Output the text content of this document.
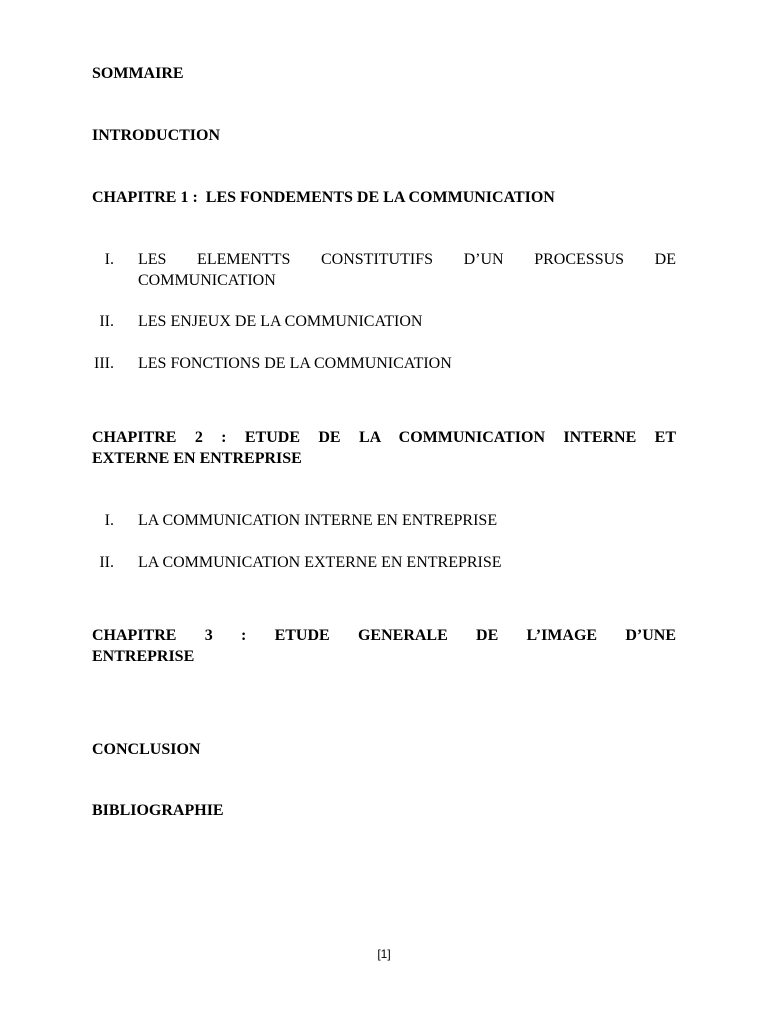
SOMMAIRE
INTRODUCTION
CHAPITRE 1 :  LES FONDEMENTS DE LA COMMUNICATION
I. LES ELEMENTTS CONSTITUTIFS D’UN PROCESSUS DE
COMMUNICATION
II. LES ENJEUX DE LA COMMUNICATION
III. LES FONCTIONS DE LA COMMUNICATION
CHAPITRE 2 : ETUDE DE LA COMMUNICATION INTERNE ET
EXTERNE EN ENTREPRISE
I. LA COMMUNICATION INTERNE EN ENTREPRISE
II. LA COMMUNICATION EXTERNE EN ENTREPRISE
CHAPITRE 3 : ETUDE GENERALE DE L’IMAGE D’UNE
ENTREPRISE
CONCLUSION
BIBLIOGRAPHIE
[1]
